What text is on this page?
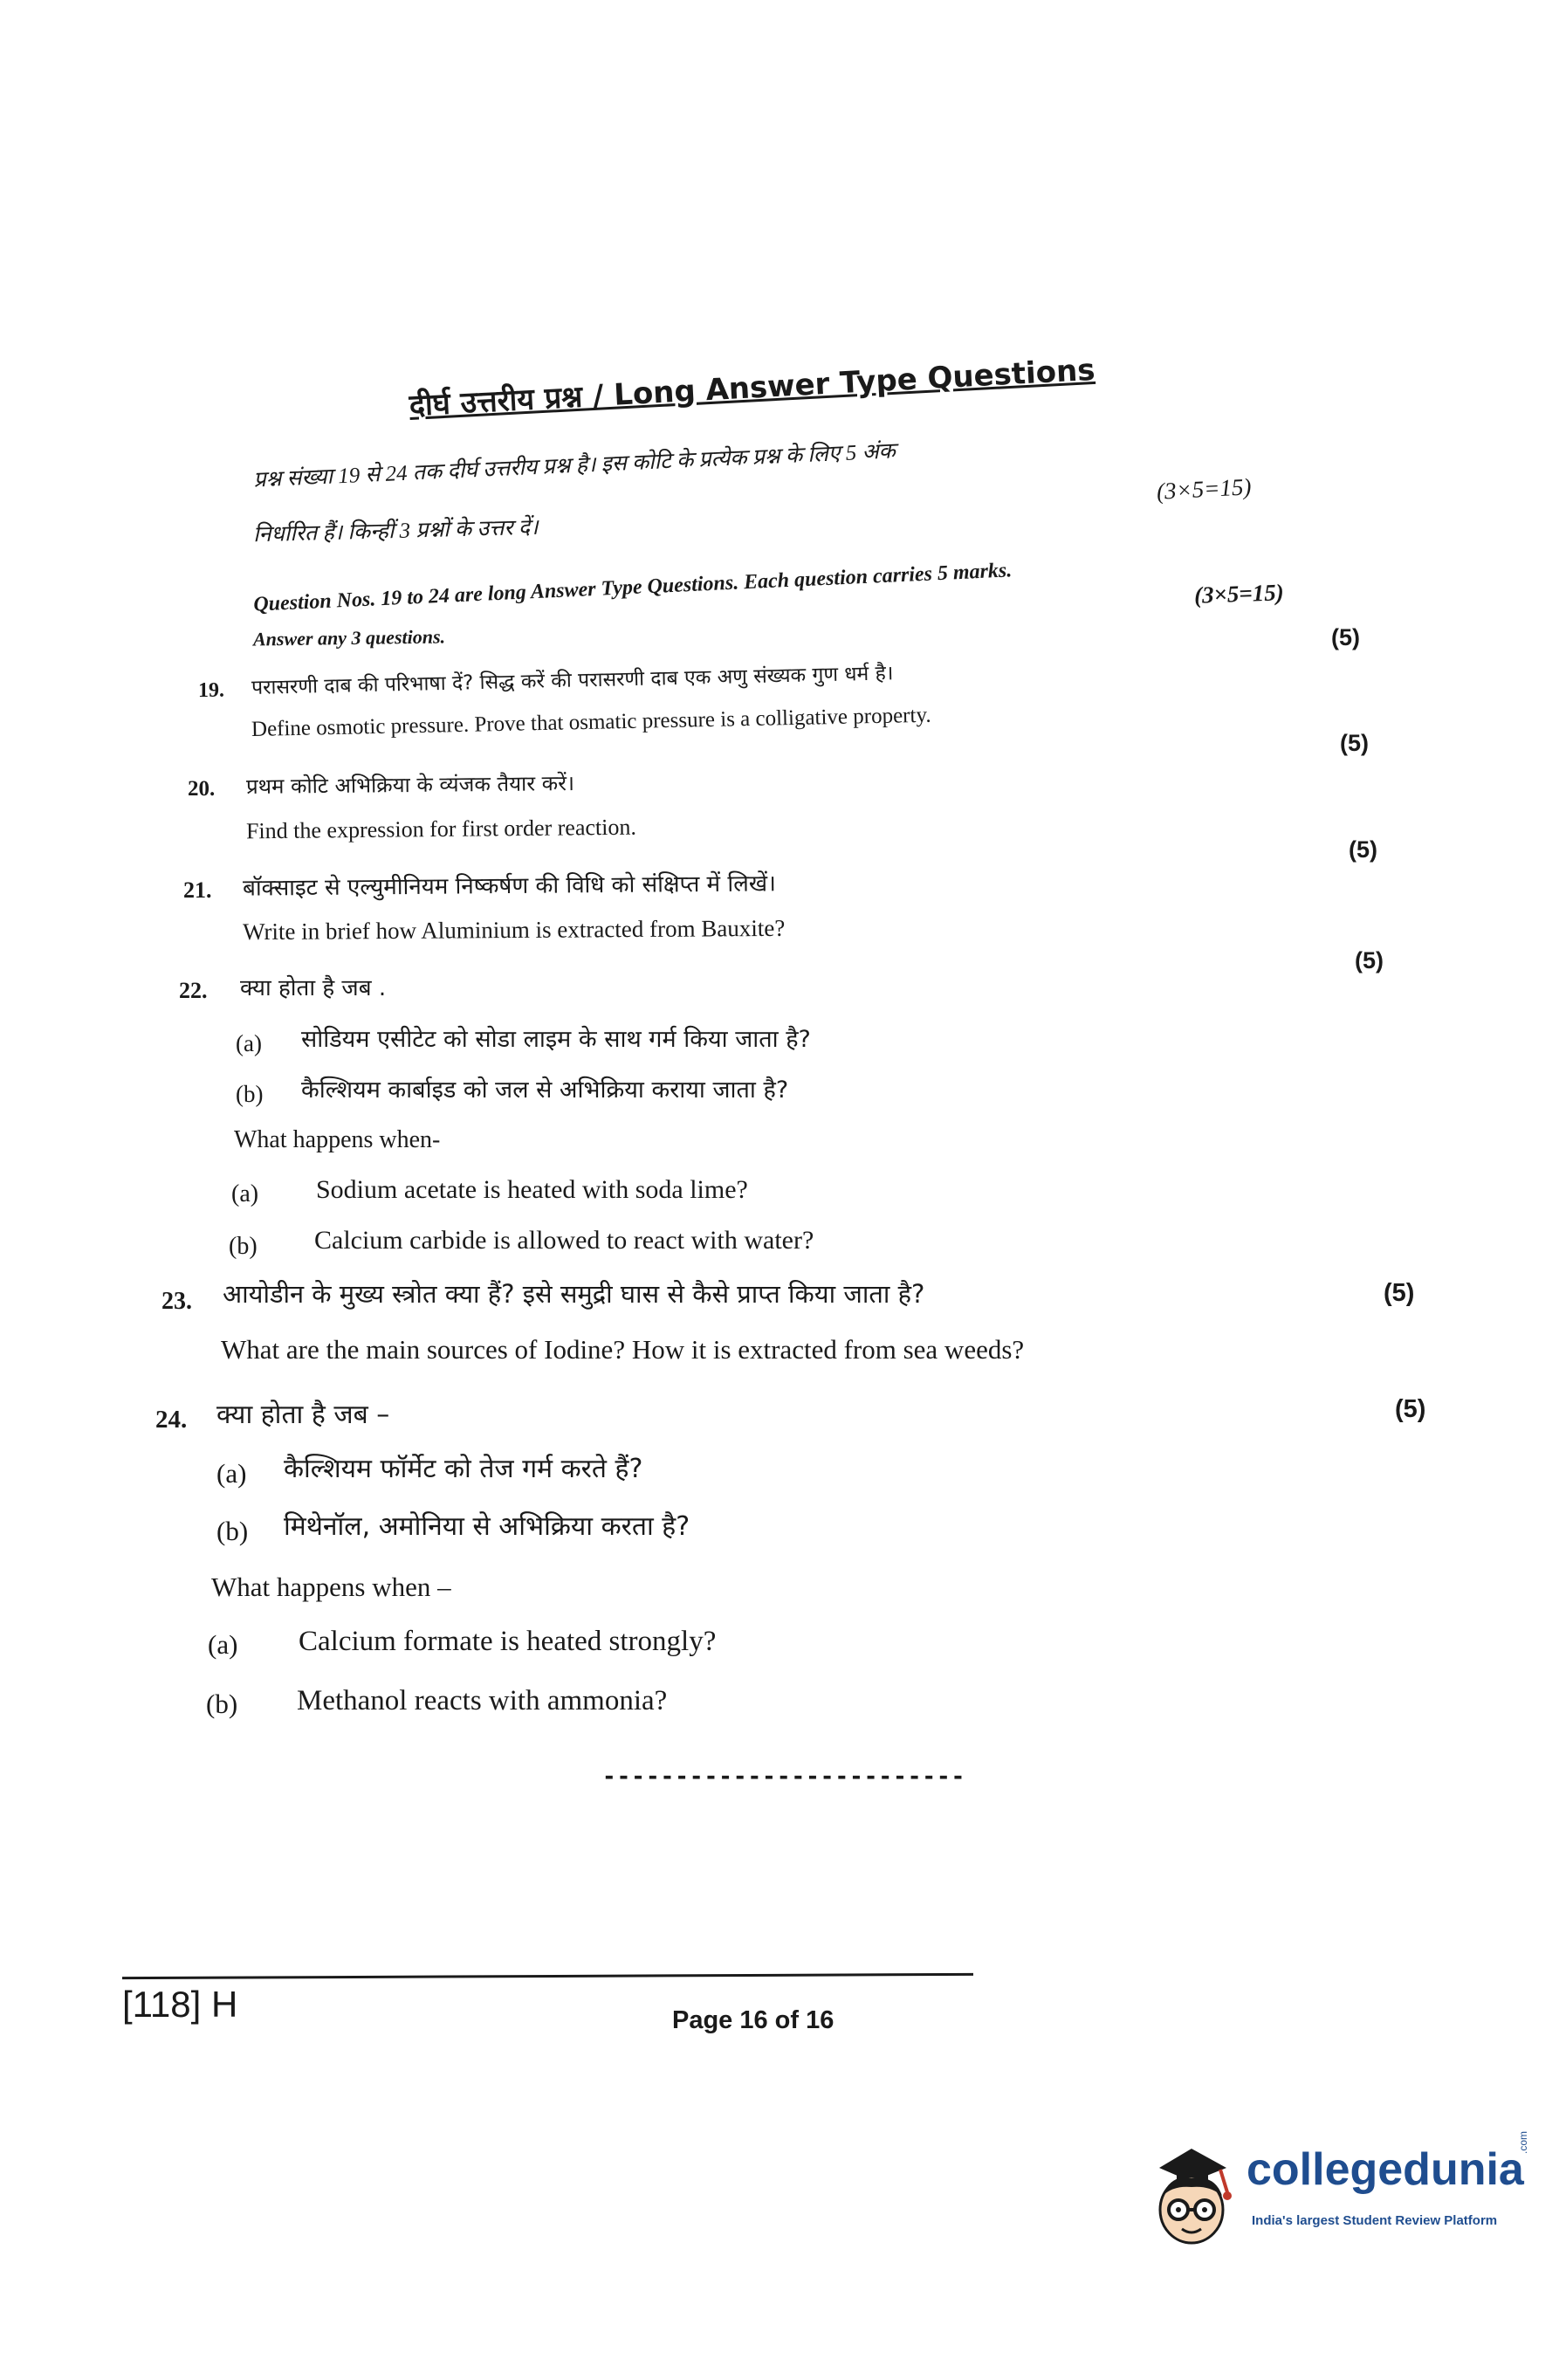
दीर्घ उत्तरीय प्रश्न / Long Answer Type Questions
प्रश्न संख्या 19 से 24 तक दीर्घ उत्तरीय प्रश्न है। इस कोटि के प्रत्येक प्रश्न के लिए 5 अंक	(3×5=15)
निर्धारित हैं। किन्हीं 3 प्रश्नों के उत्तर दें।
Question Nos. 19 to 24 are long Answer Type Questions. Each question carries 5 marks.	(3×5=15)
Answer any 3 questions.	(5)
19. परासरणी दाब की परिभाषा दें? सिद्ध करें की परासरणी दाब एक अणु संख्यक गुण धर्म है।
Define osmotic pressure. Prove that osmatic pressure is a colligative property.
(5)
20. प्रथम कोटि अभिक्रिया के व्यंजक तैयार करें।
Find the expression for first order reaction.
(5)
21. बॉक्साइट से एल्युमीनियम निष्कर्षण की विधि को संक्षिप्त में लिखें।
Write in brief how Aluminium is extracted from Bauxite?
(5)
22. क्या होता है जब .
(a) सोडियम एसीटेट को सोडा लाइम के साथ गर्म किया जाता है?
(b) कैल्शियम कार्बाइड को जल से अभिक्रिया कराया जाता है?
What happens when-
(a) Sodium acetate is heated with soda lime?
(b) Calcium carbide is allowed to react with water?
23. आयोडीन के मुख्य स्त्रोत क्या हैं? इसे समुद्री घास से कैसे प्राप्त किया जाता है?	(5)
What are the main sources of Iodine? How it is extracted from sea weeds?
24. क्या होता है जब –	(5)
(a) कैल्शियम फॉर्मेट को तेज गर्म करते हैं?
(b) मिथेनॉल, अमोनिया से अभिक्रिया करता है?
What happens when –
(a) Calcium formate is heated strongly?
(b) Methanol reacts with ammonia?
-------------------------
[118] H	Page 16 of 16
collegedunia
.com
India's largest Student Review Platform
